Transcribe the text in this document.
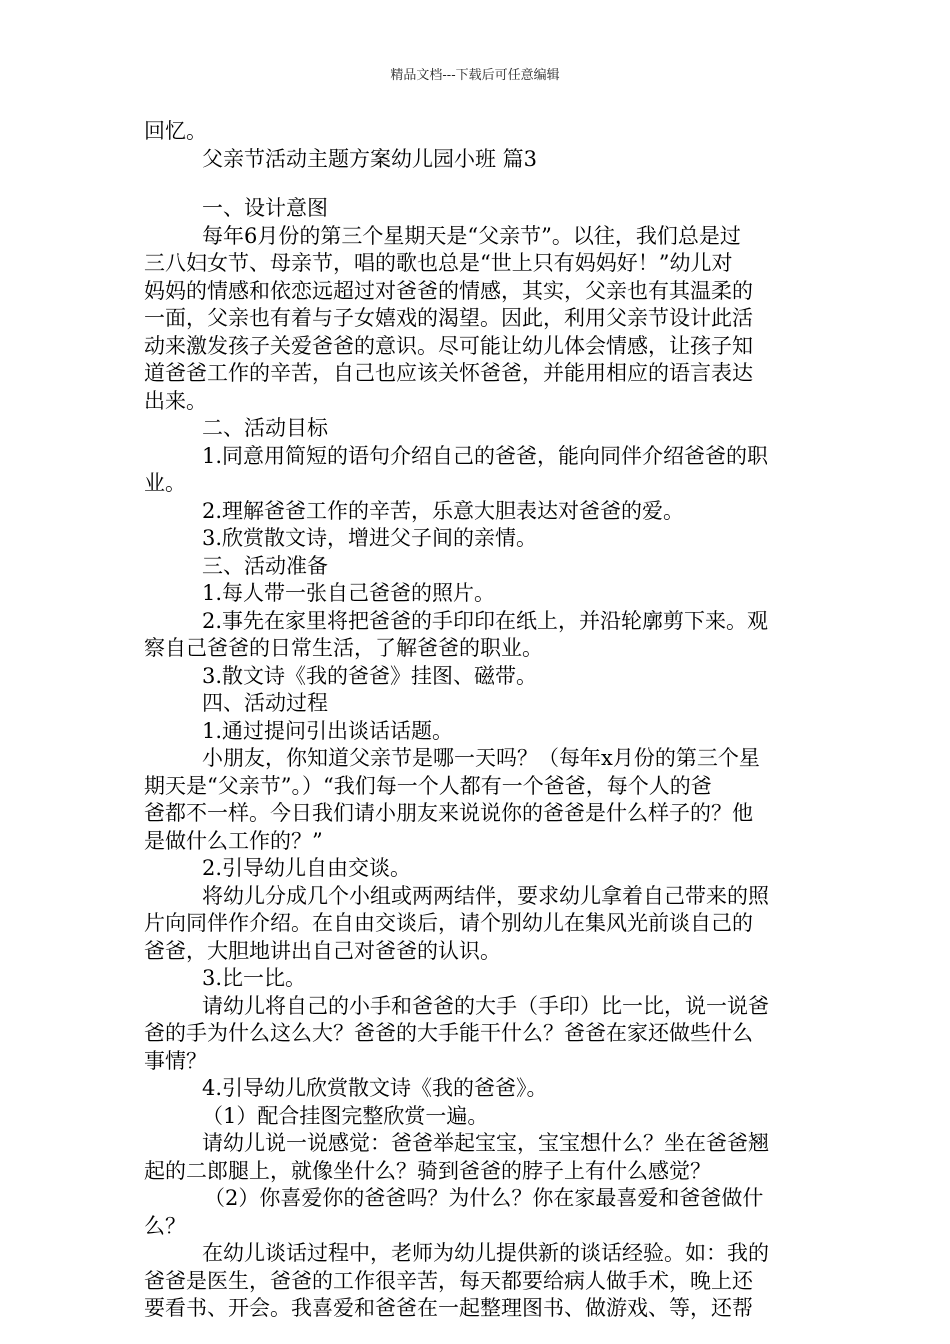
精品文档---下载后可任意编辑
回忆。
父亲节活动主题方案幼儿园小班 篇3
一、设计意图
每年6月份的第三个星期天是“父亲节”。以往，我们总是过
三八妇女节、母亲节，唱的歌也总是“世上只有妈妈好！”幼儿对
妈妈的情感和依恋远超过对爸爸的情感，其实，父亲也有其温柔的
一面，父亲也有着与子女嬉戏的渴望。因此，利用父亲节设计此活
动来激发孩子关爱爸爸的意识。尽可能让幼儿体会情感，让孩子知
道爸爸工作的辛苦，自己也应该关怀爸爸，并能用相应的语言表达
出来。
二、活动目标
1.同意用简短的语句介绍自己的爸爸，能向同伴介绍爸爸的职
业。
2.理解爸爸工作的辛苦，乐意大胆表达对爸爸的爱。
3.欣赏散文诗，增进父子间的亲情。
三、活动准备
1.每人带一张自己爸爸的照片。
2.事先在家里将把爸爸的手印印在纸上，并沿轮廓剪下来。观
察自己爸爸的日常生活，了解爸爸的职业。
3.散文诗《我的爸爸》挂图、磁带。
四、活动过程
1.通过提问引出谈话话题。
小朋友，你知道父亲节是哪一天吗？（每年x月份的第三个星
期天是“父亲节”。）“我们每一个人都有一个爸爸，每个人的爸
爸都不一样。今日我们请小朋友来说说你的爸爸是什么样子的？他
是做什么工作的？”
2.引导幼儿自由交谈。
将幼儿分成几个小组或两两结伴，要求幼儿拿着自己带来的照
片向同伴作介绍。在自由交谈后，请个别幼儿在集风光前谈自己的
爸爸，大胆地讲出自己对爸爸的认识。
3.比一比。
请幼儿将自己的小手和爸爸的大手（手印）比一比，说一说爸
爸的手为什么这么大？爸爸的大手能干什么？爸爸在家还做些什么
事情？
4.引导幼儿欣赏散文诗《我的爸爸》。
（1）配合挂图完整欣赏一遍。
请幼儿说一说感觉：爸爸举起宝宝，宝宝想什么？坐在爸爸翘
起的二郎腿上，就像坐什么？骑到爸爸的脖子上有什么感觉？
（2）你喜爱你的爸爸吗？为什么？你在家最喜爱和爸爸做什
么？
在幼儿谈话过程中，老师为幼儿提供新的谈话经验。如：我的
爸爸是医生，爸爸的工作很辛苦，每天都要给病人做手术，晚上还
要看书、开会。我喜爱和爸爸在一起整理图书、做游戏、等，还帮
